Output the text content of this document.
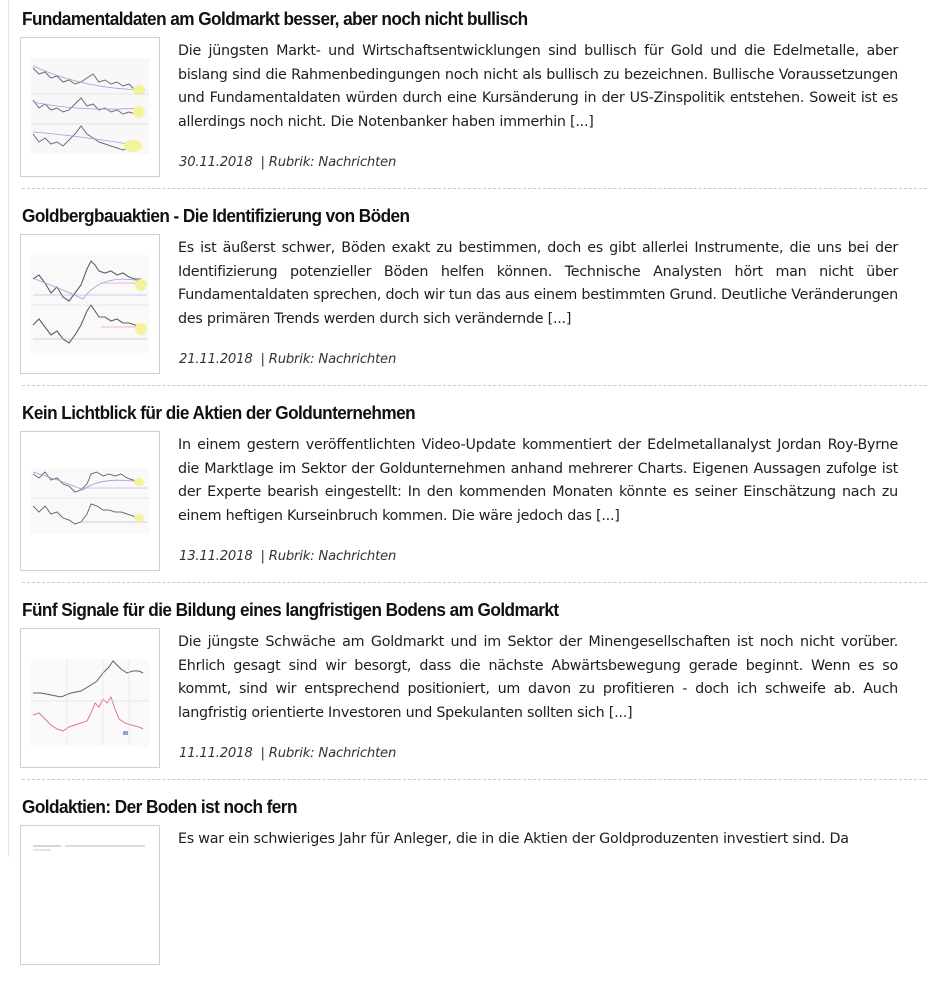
Fundamentaldaten am Goldmarkt besser, aber noch nicht bullisch
Die jüngsten Markt- und Wirtschaftsentwicklungen sind bullisch für Gold und die Edelmetalle, aber bislang sind die Rahmenbedingungen noch nicht als bullisch zu bezeichnen. Bullische Voraussetzungen und Fundamentaldaten würden durch eine Kursänderung in der US-Zinspolitik entstehen. Soweit ist es allerdings noch nicht. Die Notenbanker haben immerhin [...]
30.11.2018 | Rubrik: Nachrichten
Goldbergbauaktien - Die Identifizierung von Böden
Es ist äußerst schwer, Böden exakt zu bestimmen, doch es gibt allerlei Instrumente, die uns bei der Identifizierung potenzieller Böden helfen können. Technische Analysten hört man nicht über Fundamentaldaten sprechen, doch wir tun das aus einem bestimmten Grund. Deutliche Veränderungen des primären Trends werden durch sich verändernde [...]
21.11.2018 | Rubrik: Nachrichten
Kein Lichtblick für die Aktien der Goldunternehmen
In einem gestern veröffentlichten Video-Update kommentiert der Edelmetallanalyst Jordan Roy-Byrne die Marktlage im Sektor der Goldunternehmen anhand mehrerer Charts. Eigenen Aussagen zufolge ist der Experte bearish eingestellt: In den kommenden Monaten könnte es seiner Einschätzung nach zu einem heftigen Kurseinbruch kommen. Die wäre jedoch das [...]
13.11.2018 | Rubrik: Nachrichten
Fünf Signale für die Bildung eines langfristigen Bodens am Goldmarkt
Die jüngste Schwäche am Goldmarkt und im Sektor der Minengesellschaften ist noch nicht vorüber. Ehrlich gesagt sind wir besorgt, dass die nächste Abwärtsbewegung gerade beginnt. Wenn es so kommt, sind wir entsprechend positioniert, um davon zu profitieren - doch ich schweife ab. Auch langfristig orientierte Investoren und Spekulanten sollten sich [...]
11.11.2018 | Rubrik: Nachrichten
Goldaktien: Der Boden ist noch fern
Es war ein schwieriges Jahr für Anleger, die in die Aktien der Goldproduzenten investiert sind. Da
